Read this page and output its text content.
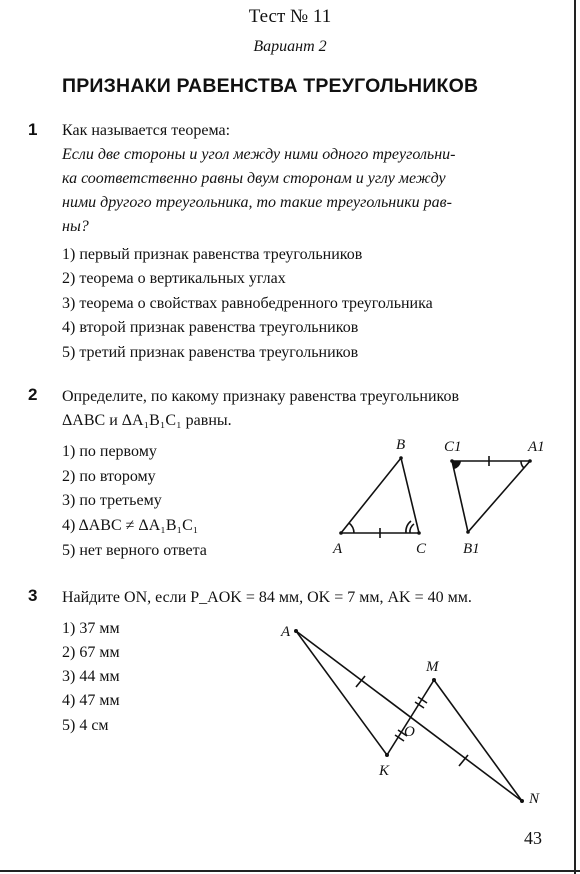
Тест № 11
Вариант 2
ПРИЗНАКИ РАВЕНСТВА ТРЕУГОЛЬНИКОВ
1 Как называется теорема:
Если две стороны и угол между ними одного треугольни-
ка соответственно равны двум сторонам и углу между
ними другого треугольника, то такие треугольники рав-
ны?
1) первый признак равенства треугольников
2) теорема о вертикальных углах
3) теорема о свойствах равнобедренного треугольника
4) второй признак равенства треугольников
5) третий признак равенства треугольников
2 Определите, по какому признаку равенства треугольников
ΔABC и ΔA₁B₁C₁ равны.
1) по первому
2) по второму
3) по третьему
4) ΔABC ≠ ΔA₁B₁C₁
5) нет верного ответа
B
A	C
C1	A1
B1
3 Найдите ON, если P_AOK = 84 мм, OK = 7 мм, AK = 40 мм.
1) 37 мм
2) 67 мм
3) 44 мм
4) 47 мм
5) 4 см
A
M
O
K
N
43
